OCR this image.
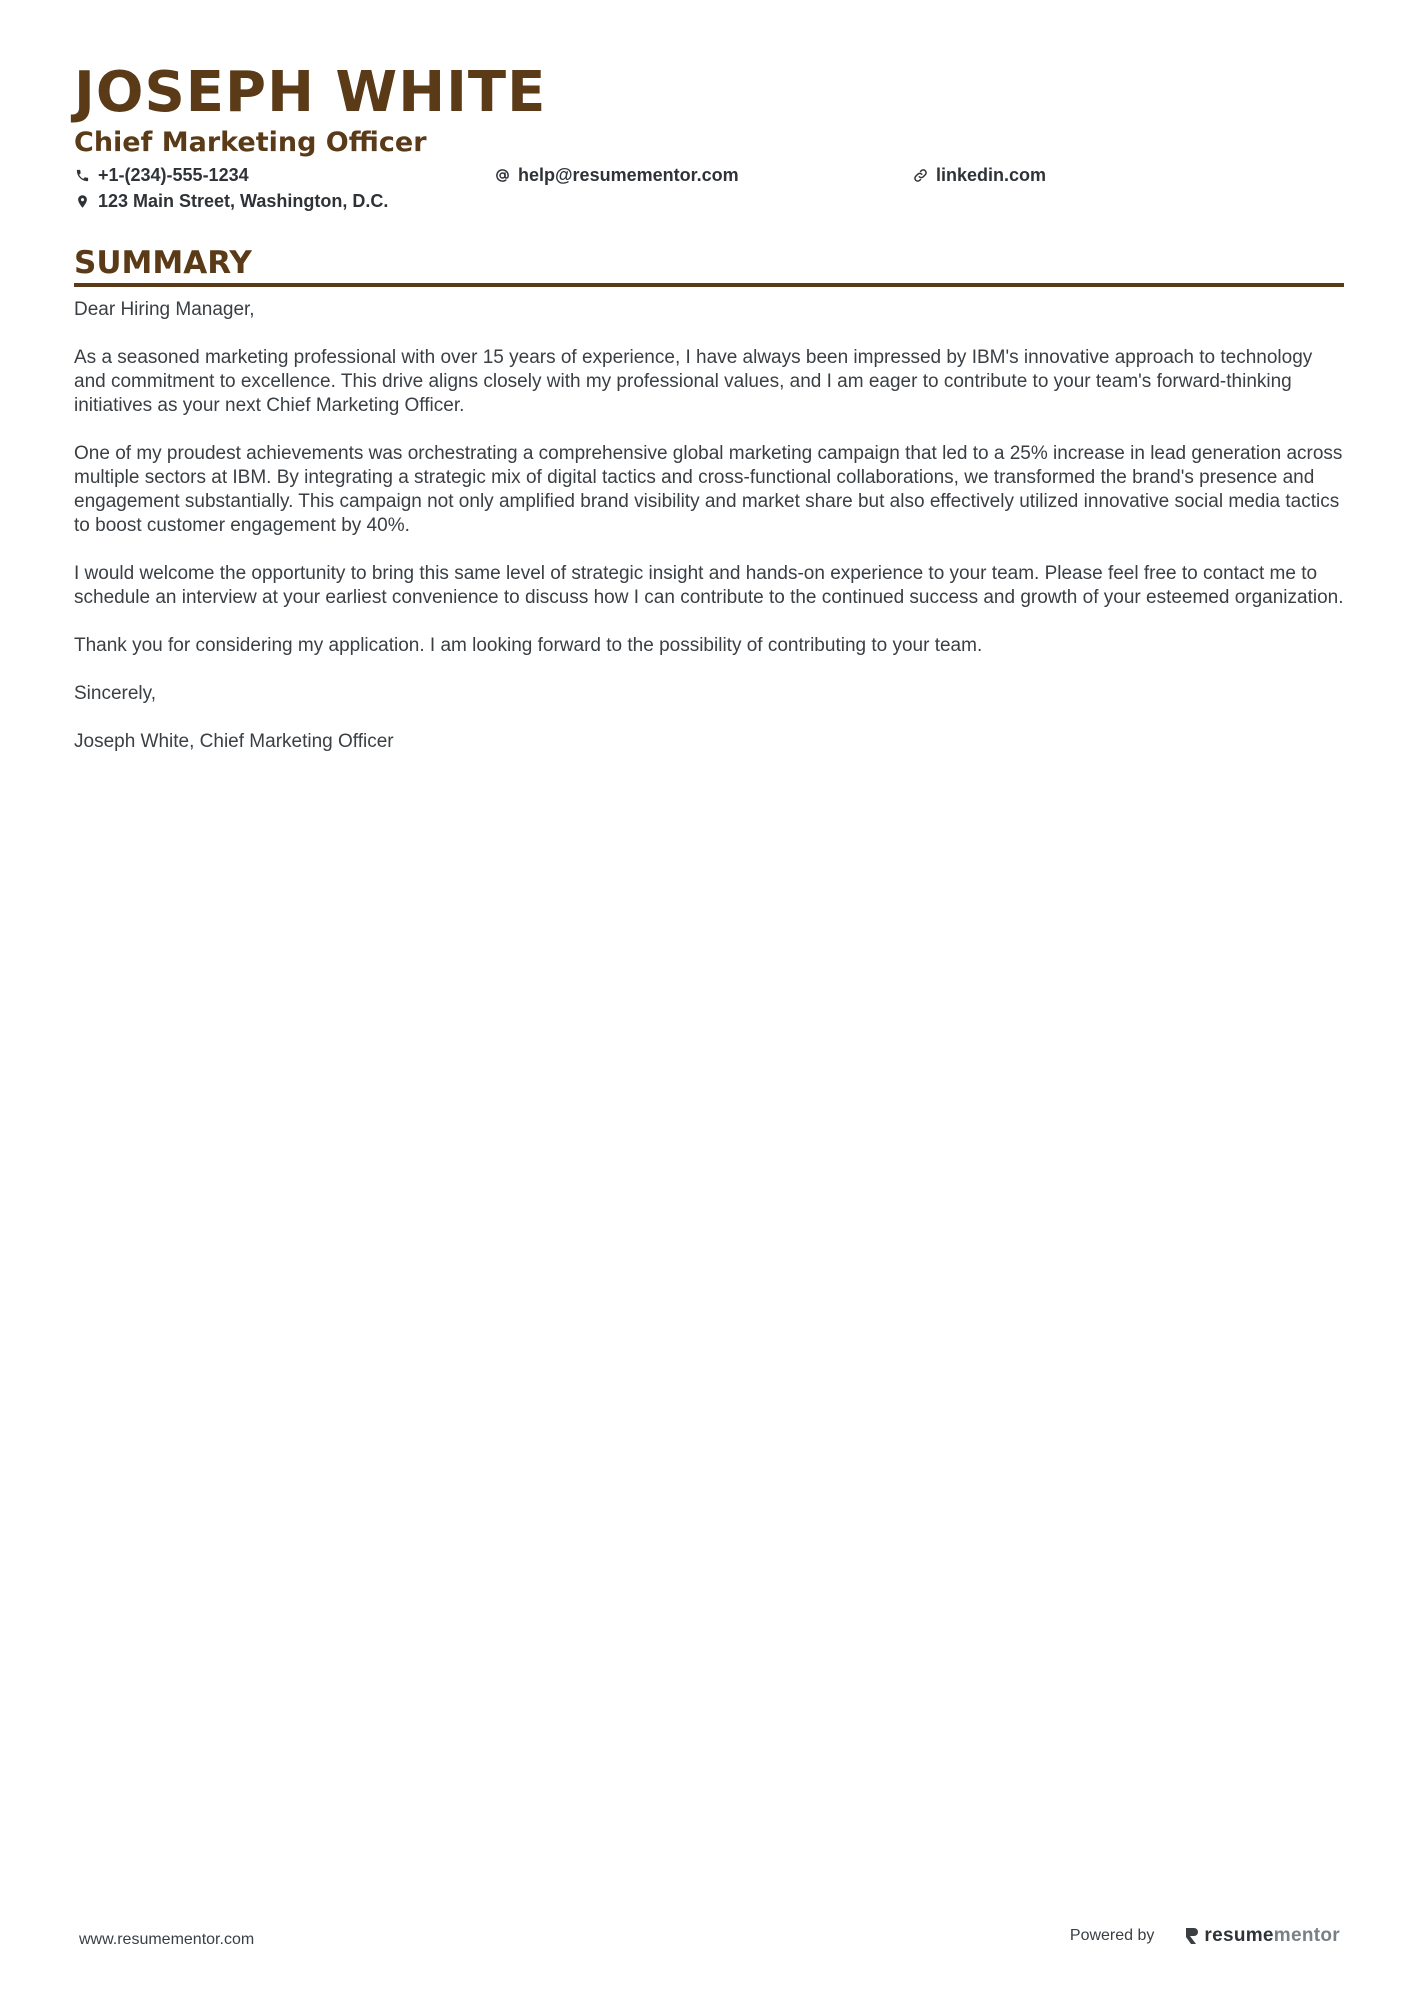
JOSEPH WHITE
Chief Marketing Officer
+1-(234)-555-1234	help@resumementor.com	linkedin.com
123 Main Street, Washington, D.C.
SUMMARY

Dear Hiring Manager,

As a seasoned marketing professional with over 15 years of experience, I have always been impressed by IBM's innovative approach to technology and commitment to excellence. This drive aligns closely with my professional values, and I am eager to contribute to your team's forward-thinking initiatives as your next Chief Marketing Officer.

One of my proudest achievements was orchestrating a comprehensive global marketing campaign that led to a 25% increase in lead generation across multiple sectors at IBM. By integrating a strategic mix of digital tactics and cross-functional collaborations, we transformed the brand's presence and engagement substantially. This campaign not only amplified brand visibility and market share but also effectively utilized innovative social media tactics to boost customer engagement by 40%.

I would welcome the opportunity to bring this same level of strategic insight and hands-on experience to your team. Please feel free to contact me to schedule an interview at your earliest convenience to discuss how I can contribute to the continued success and growth of your esteemed organization.

Thank you for considering my application. I am looking forward to the possibility of contributing to your team.

Sincerely,

Joseph White, Chief Marketing Officer

www.resumementor.com	Powered by	resume mentor
